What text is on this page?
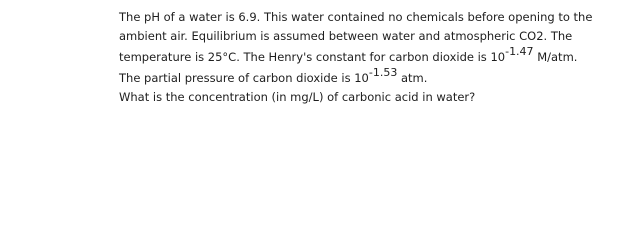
The pH of a water is 6.9. This water contained no chemicals before opening to the
ambient air. Equilibrium is assumed between water and atmospheric CO2. The
temperature is 25°C. The Henry's constant for carbon dioxide is $10^{-1.47}$ M/atm.
The partial pressure of carbon dioxide is $10^{-1.53}$ atm.
What is the concentration (in mg/L) of carbonic acid in water?
